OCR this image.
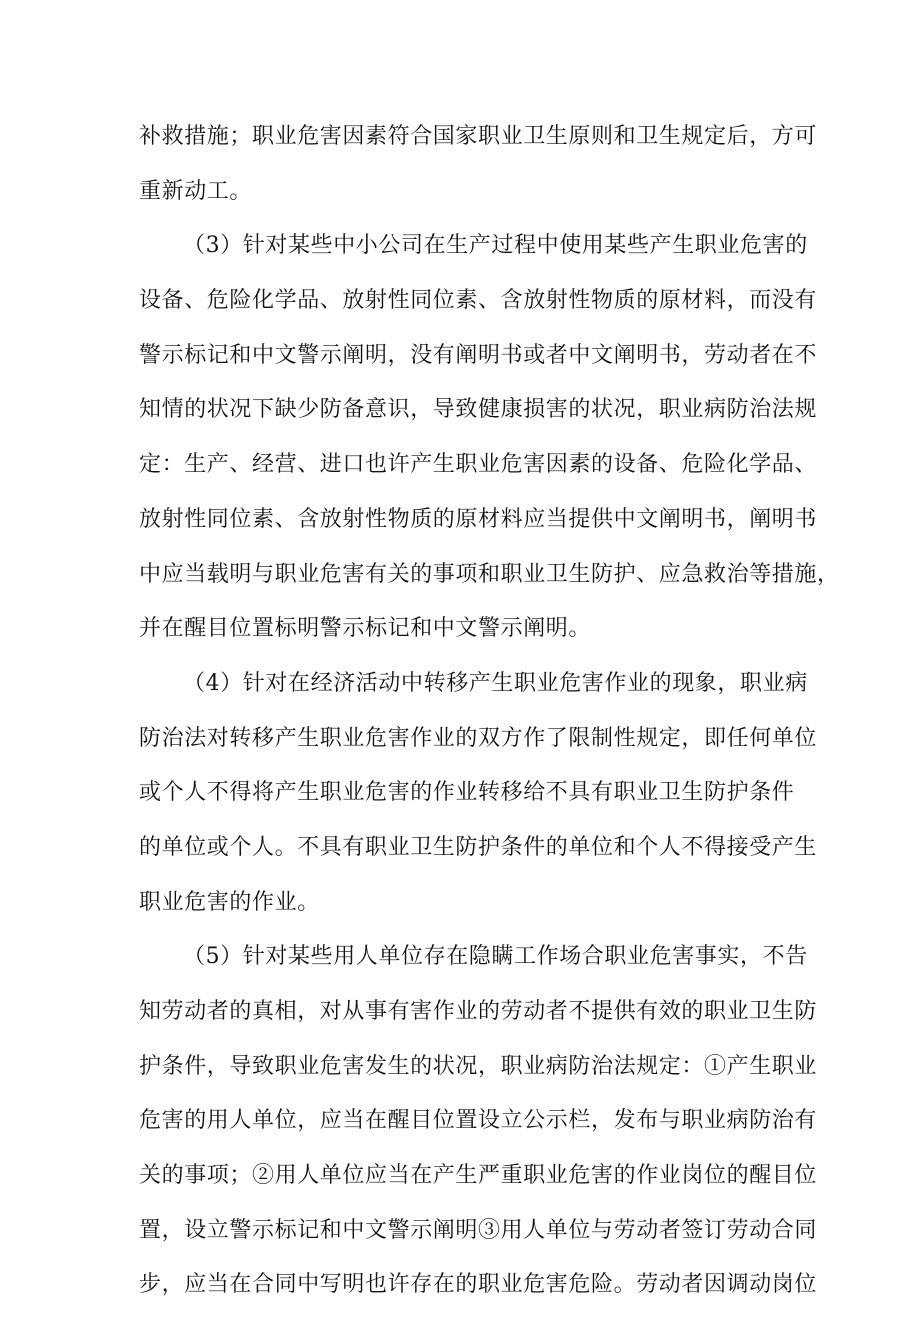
补救措施；职业危害因素符合国家职业卫生原则和卫生规定后，方可
重新动工。
（3）针对某些中小公司在生产过程中使用某些产生职业危害的
设备、危险化学品、放射性同位素、含放射性物质的原材料，而没有
警示标记和中文警示阐明，没有阐明书或者中文阐明书，劳动者在不
知情的状况下缺少防备意识，导致健康损害的状况，职业病防治法规
定：生产、经营、进口也许产生职业危害因素的设备、危险化学品、
放射性同位素、含放射性物质的原材料应当提供中文阐明书，阐明书
中应当载明与职业危害有关的事项和职业卫生防护、应急救治等措施，
并在醒目位置标明警示标记和中文警示阐明。
（4）针对在经济活动中转移产生职业危害作业的现象，职业病
防治法对转移产生职业危害作业的双方作了限制性规定，即任何单位
或个人不得将产生职业危害的作业转移给不具有职业卫生防护条件
的单位或个人。不具有职业卫生防护条件的单位和个人不得接受产生
职业危害的作业。
（5）针对某些用人单位存在隐瞒工作场合职业危害事实，不告
知劳动者的真相，对从事有害作业的劳动者不提供有效的职业卫生防
护条件，导致职业危害发生的状况，职业病防治法规定：①产生职业
危害的用人单位，应当在醒目位置设立公示栏，发布与职业病防治有
关的事项；②用人单位应当在产生严重职业危害的作业岗位的醒目位
置，设立警示标记和中文警示阐明③用人单位与劳动者签订劳动合同
步，应当在合同中写明也许存在的职业危害危险。劳动者因调动岗位
